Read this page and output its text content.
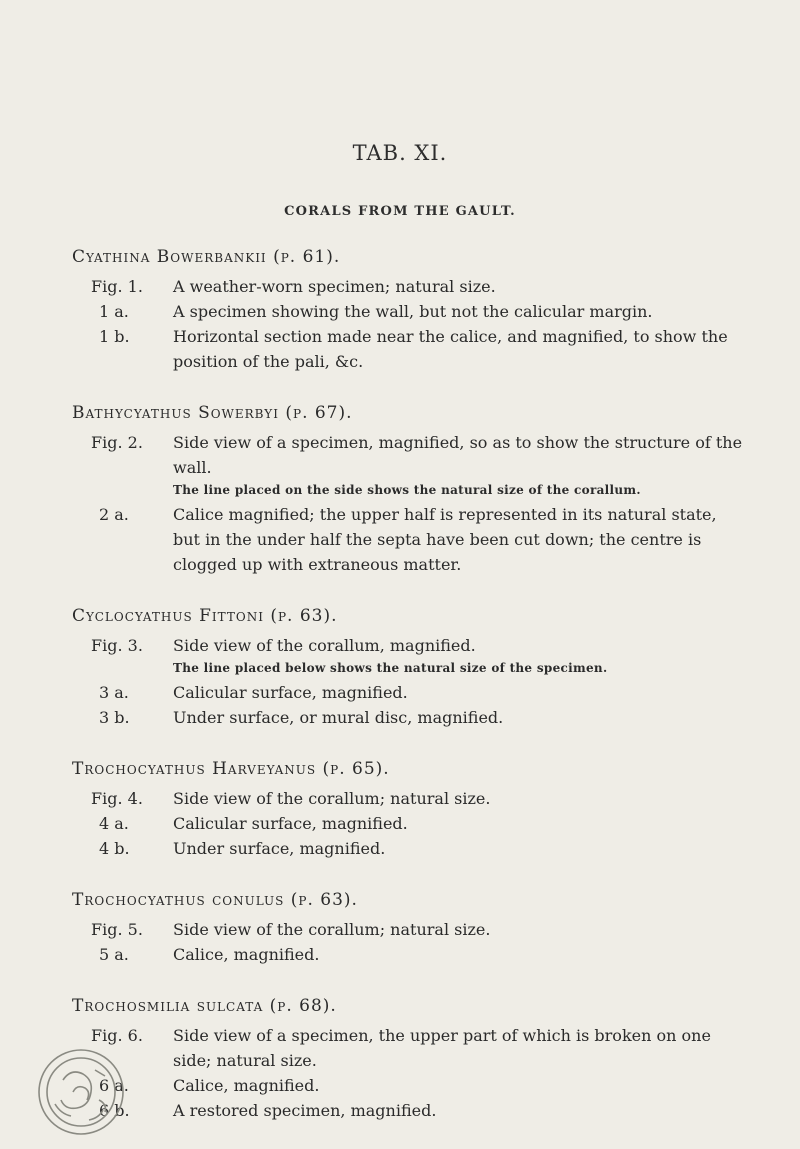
TAB. XI.
CORALS FROM THE GAULT.
Cyathina Bowerbankii (p. 61).
Fig. 1.	A weather-worn specimen; natural size.
1 a.	A specimen showing the wall, but not the calicular margin.
1 b.	Horizontal section made near the calice, and magnified, to show the position of the pali, &c.
Bathycyathus Sowerbyi (p. 67).
Fig. 2.	Side view of a specimen, magnified, so as to show the structure of the wall.
The line placed on the side shows the natural size of the corallum.
2 a.	Calice magnified; the upper half is represented in its natural state, but in the under half the septa have been cut down; the centre is clogged up with extraneous matter.
Cyclocyathus Fittoni (p. 63).
Fig. 3.	Side view of the corallum, magnified.
The line placed below shows the natural size of the specimen.
3 a.	Calicular surface, magnified.
3 b.	Under surface, or mural disc, magnified.
Trochocyathus Harveyanus (p. 65).
Fig. 4.	Side view of the corallum; natural size.
4 a.	Calicular surface, magnified.
4 b.	Under surface, magnified.
Trochocyathus conulus (p. 63).
Fig. 5.	Side view of the corallum; natural size.
5 a.	Calice, magnified.
Trochosmilia sulcata (p. 68).
Fig. 6.	Side view of a specimen, the upper part of which is broken on one side; natural size.
6 a.	Calice, magnified.
6 b.	A restored specimen, magnified.
